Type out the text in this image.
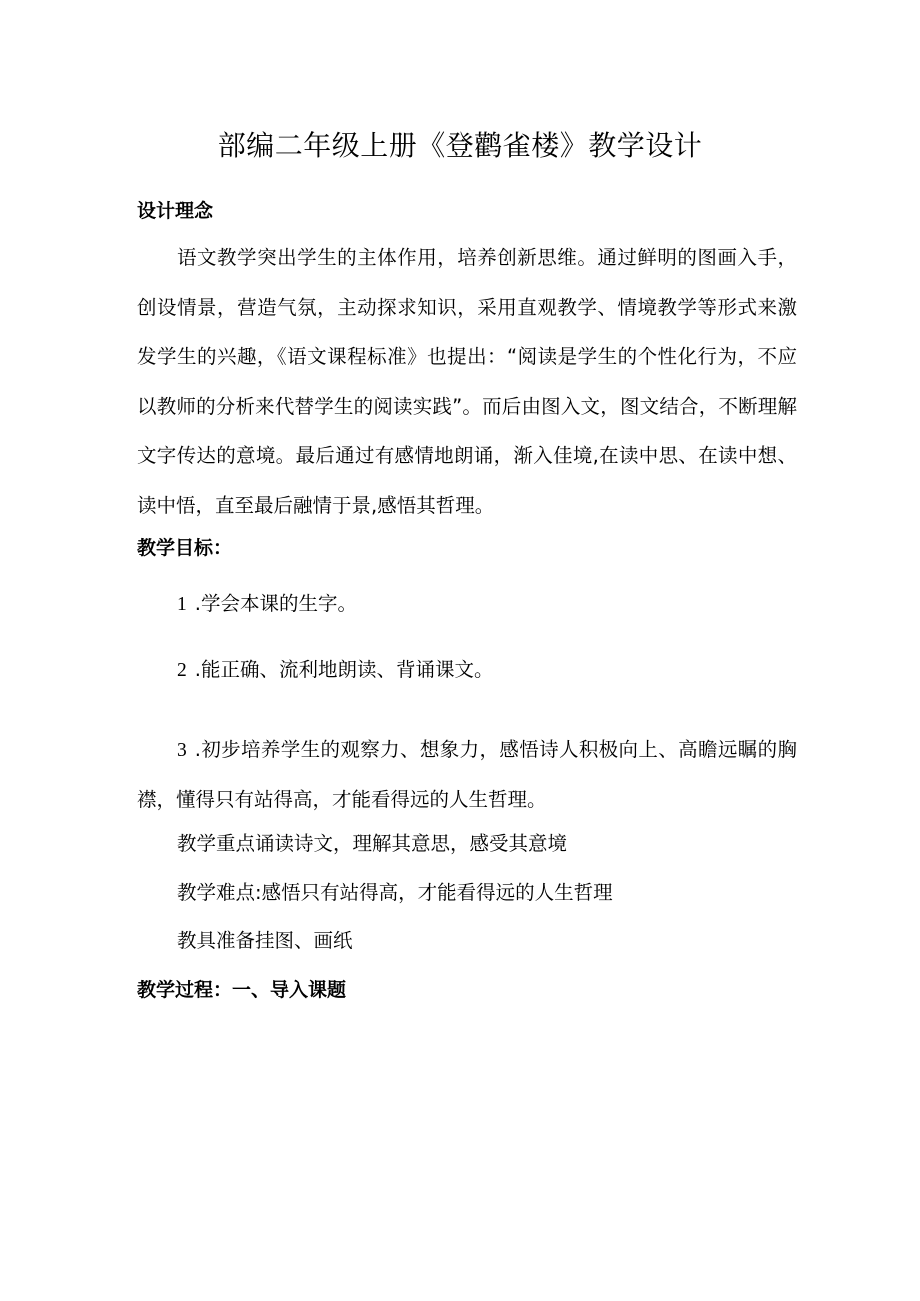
部编二年级上册《登鹳雀楼》教学设计
设计理念

语文教学突出学生的主体作用，培养创新思维。通过鲜明的图画入手，创设情景，营造气氛，主动探求知识，采用直观教学、情境教学等形式来激发学生的兴趣，《语文课程标准》也提出：“阅读是学生的个性化行为，不应以教师的分析来代替学生的阅读实践”。而后由图入文，图文结合，不断理解文字传达的意境。最后通过有感情地朗诵，渐入佳境,在读中思、在读中想、读中悟，直至最后融情于景,感悟其哲理。

教学目标：

1 .学会本课的生字。

2 .能正确、流利地朗读、背诵课文。

3 .初步培养学生的观察力、想象力，感悟诗人积极向上、高瞻远瞩的胸襟，懂得只有站得高，才能看得远的人生哲理。

教学重点诵读诗文，理解其意思，感受其意境
教学难点:感悟只有站得高，才能看得远的人生哲理
教具准备挂图、画纸
教学过程：一、导入课题
